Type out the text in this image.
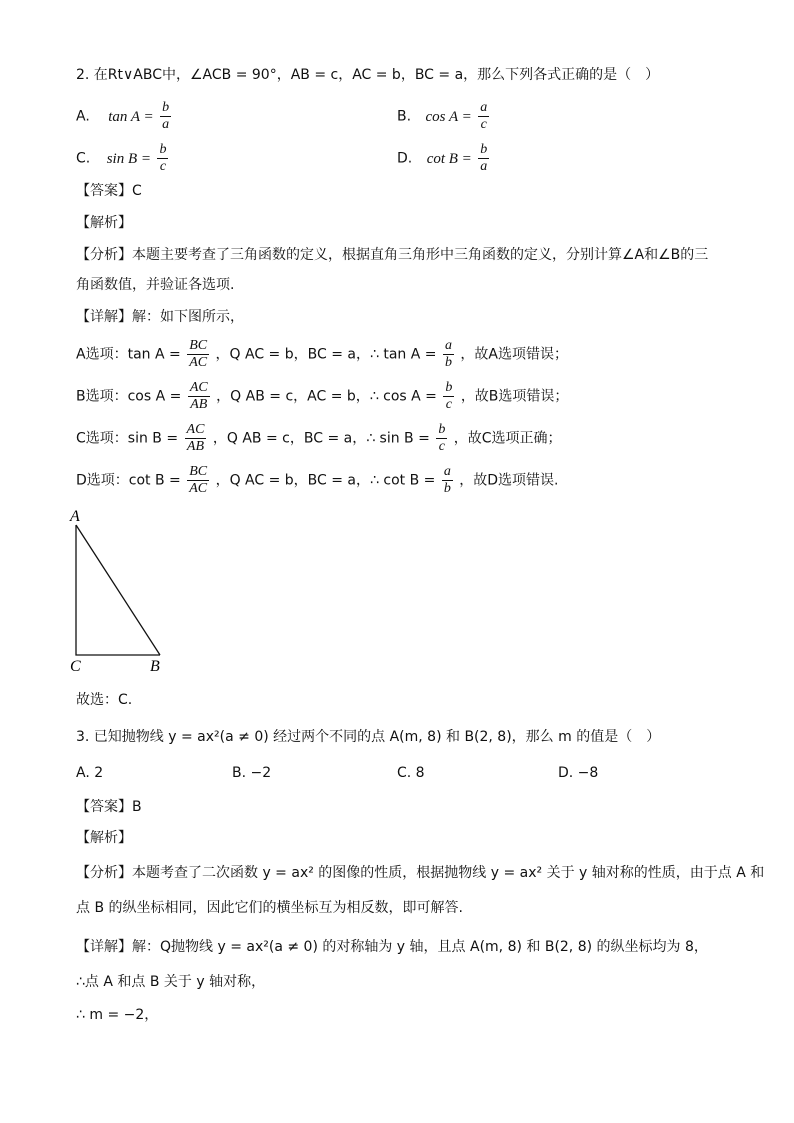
2. 在Rt∨ABC中，∠ACB = 90°，AB = c，AC = b，BC = a，那么下列各式正确的是（　）
A. $\tan A = \frac{b}{a}$	B. $\cos A = \frac{a}{c}$
C. $\sin B = \frac{b}{c}$	D. $\cot B = \frac{b}{a}$
【答案】C
【解析】
【分析】本题主要考查了三角函数的定义，根据直角三角形中三角函数的定义，分别计算∠A和∠B的三
角函数值，并验证各选项.
【详解】解：如下图所示，
A选项：$\tan A = \frac{BC}{AC}$ ，Q AC = b，BC = a，∴ $\tan A = \frac{a}{b}$ ，故A选项错误；
B选项：$\cos A = \frac{AC}{AB}$ ，Q AB = c，AC = b，∴ $\cos A = \frac{b}{c}$ ，故B选项错误；
C选项：$\sin B = \frac{AC}{AB}$ ，Q AB = c，BC = a，∴ $\sin B = \frac{b}{c}$ ，故C选项正确；
D选项：$\cot B = \frac{BC}{AC}$ ，Q AC = b，BC = a，∴ $\cot B = \frac{a}{b}$ ，故D选项错误.
A
C	B
故选：C.
3. 已知抛物线 y = ax²(a ≠ 0) 经过两个不同的点 A(m, 8) 和 B(2, 8)，那么 m 的值是（　）
A. 2	B. −2	C. 8	D. −8
【答案】B
【解析】
【分析】本题考查了二次函数 y = ax² 的图像的性质，根据抛物线 y = ax² 关于 y 轴对称的性质，由于点 A 和
点 B 的纵坐标相同，因此它们的横坐标互为相反数，即可解答.
【详解】解：Q抛物线 y = ax²(a ≠ 0) 的对称轴为 y 轴，且点 A(m, 8) 和 B(2, 8) 的纵坐标均为 8，
∴点 A 和点 B 关于 y 轴对称，
∴ m = −2，
